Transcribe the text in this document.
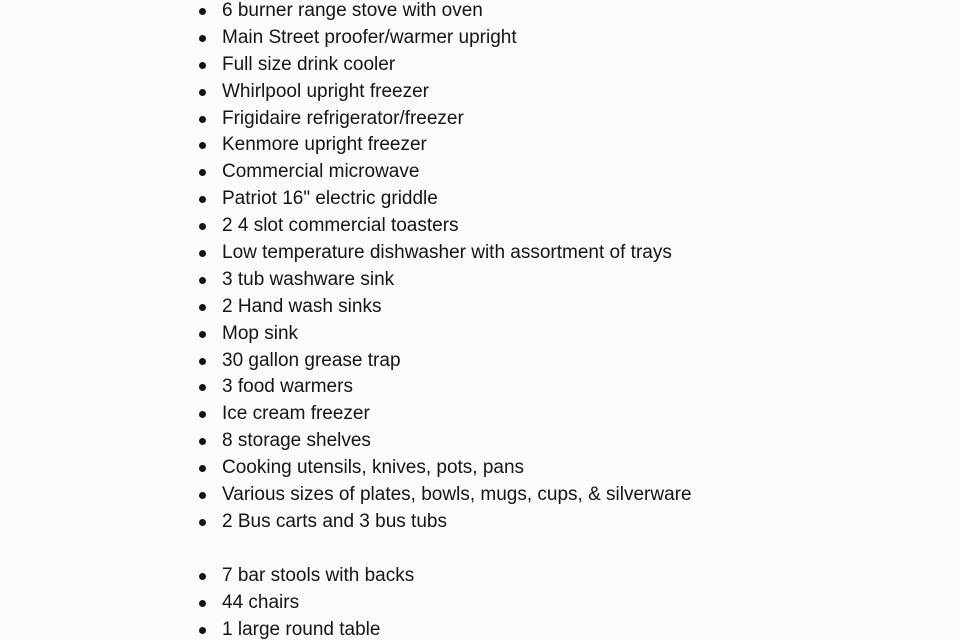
6 burner range stove with oven
Main Street proofer/warmer upright
Full size drink cooler
Whirlpool upright freezer
Frigidaire refrigerator/freezer
Kenmore upright freezer
Commercial microwave
Patriot 16" electric griddle
2 4 slot commercial toasters
Low temperature dishwasher with assortment of trays
3 tub washware sink
2 Hand wash sinks
Mop sink
30 gallon grease trap
3 food warmers
Ice cream freezer
8 storage shelves
Cooking utensils, knives, pots, pans
Various sizes of plates, bowls, mugs, cups, & silverware
2 Bus carts and 3 bus tubs
7 bar stools with backs
44 chairs
1 large round table
